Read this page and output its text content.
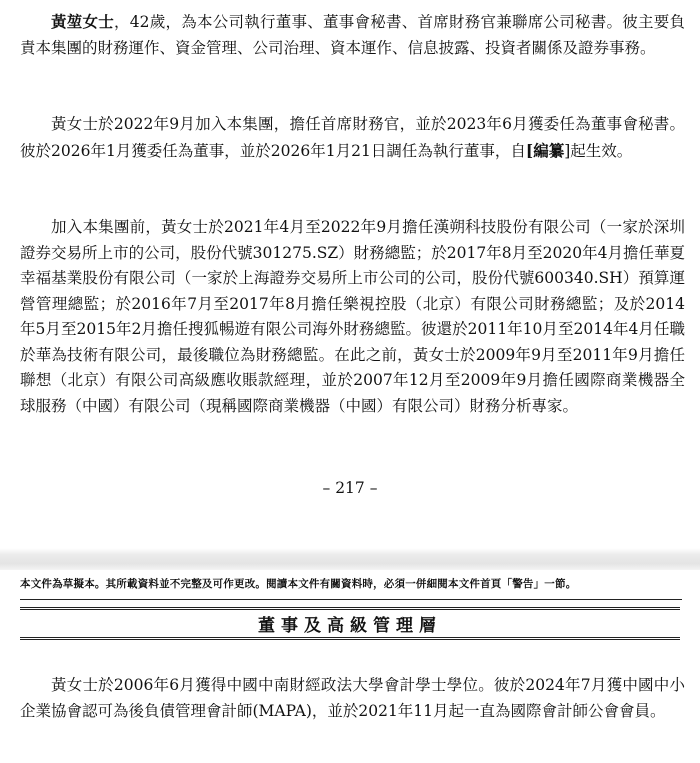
黃堃女士，42歲，為本公司執行董事、董事會秘書、首席財務官兼聯席公司秘書。彼主要負責本集團的財務運作、資金管理、公司治理、資本運作、信息披露、投資者關係及證券事務。

黃女士於2022年9月加入本集團，擔任首席財務官，並於2023年6月獲委任為董事會秘書。彼於2026年1月獲委任為董事，並於2026年1月21日調任為執行董事，自[編纂]起生效。

加入本集團前，黃女士於2021年4月至2022年9月擔任漢朔科技股份有限公司（一家於深圳證券交易所上市的公司，股份代號301275.SZ）財務總監；於2017年8月至2020年4月擔任華夏幸福基業股份有限公司（一家於上海證券交易所上市公司的公司，股份代號600340.SH）預算運營管理總監；於2016年7月至2017年8月擔任樂視控股（北京）有限公司財務總監；及於2014年5月至2015年2月擔任搜狐暢遊有限公司海外財務總監。彼還於2011年10月至2014年4月任職於華為技術有限公司，最後職位為財務總監。在此之前，黃女士於2009年9月至2011年9月擔任聯想（北京）有限公司高級應收賬款經理，並於2007年12月至2009年9月擔任國際商業機器全球服務（中國）有限公司（現稱國際商業機器（中國）有限公司）財務分析專家。

– 217 –
本文件為草擬本。其所載資料並不完整及可作更改。閱讀本文件有關資料時，必須一併細閱本文件首頁「警告」一節。
董事及高級管理層

黃女士於2006年6月獲得中國中南財經政法大學會計學士學位。彼於2024年7月獲中國中小企業協會認可為後負債管理會計師(MAPA)，並於2021年11月起一直為國際會計師公會會員。
